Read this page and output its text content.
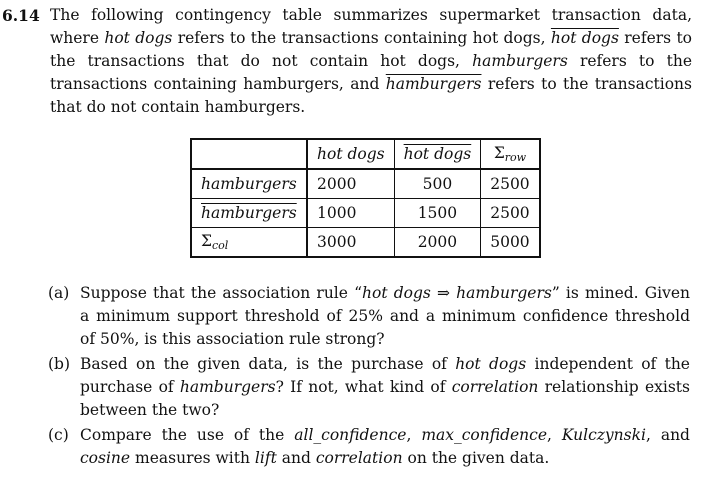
6.14 The following contingency table summarizes supermarket transaction data, where hot dogs refers to the transactions containing hot dogs, hot dogs refers to the transactions that do not contain hot dogs, hamburgers refers to the transactions containing hamburgers, and hamburgers refers to the transactions that do not contain hamburgers.
	hot dogs	hot dogs	$\Sigma_{row}$
hamburgers	2000	500	2500
hamburgers	1000	1500	2500
$\Sigma_{col}$	3000	2000	5000
(a) Suppose that the association rule “hot dogs ⇒ hamburgers” is mined. Given a minimum support threshold of 25% and a minimum confidence threshold of 50%, is this association rule strong?
(b) Based on the given data, is the purchase of hot dogs independent of the purchase of hamburgers? If not, what kind of correlation relationship exists between the two?
(c) Compare the use of the all_confidence, max_confidence, Kulczynski, and cosine measures with lift and correlation on the given data.
